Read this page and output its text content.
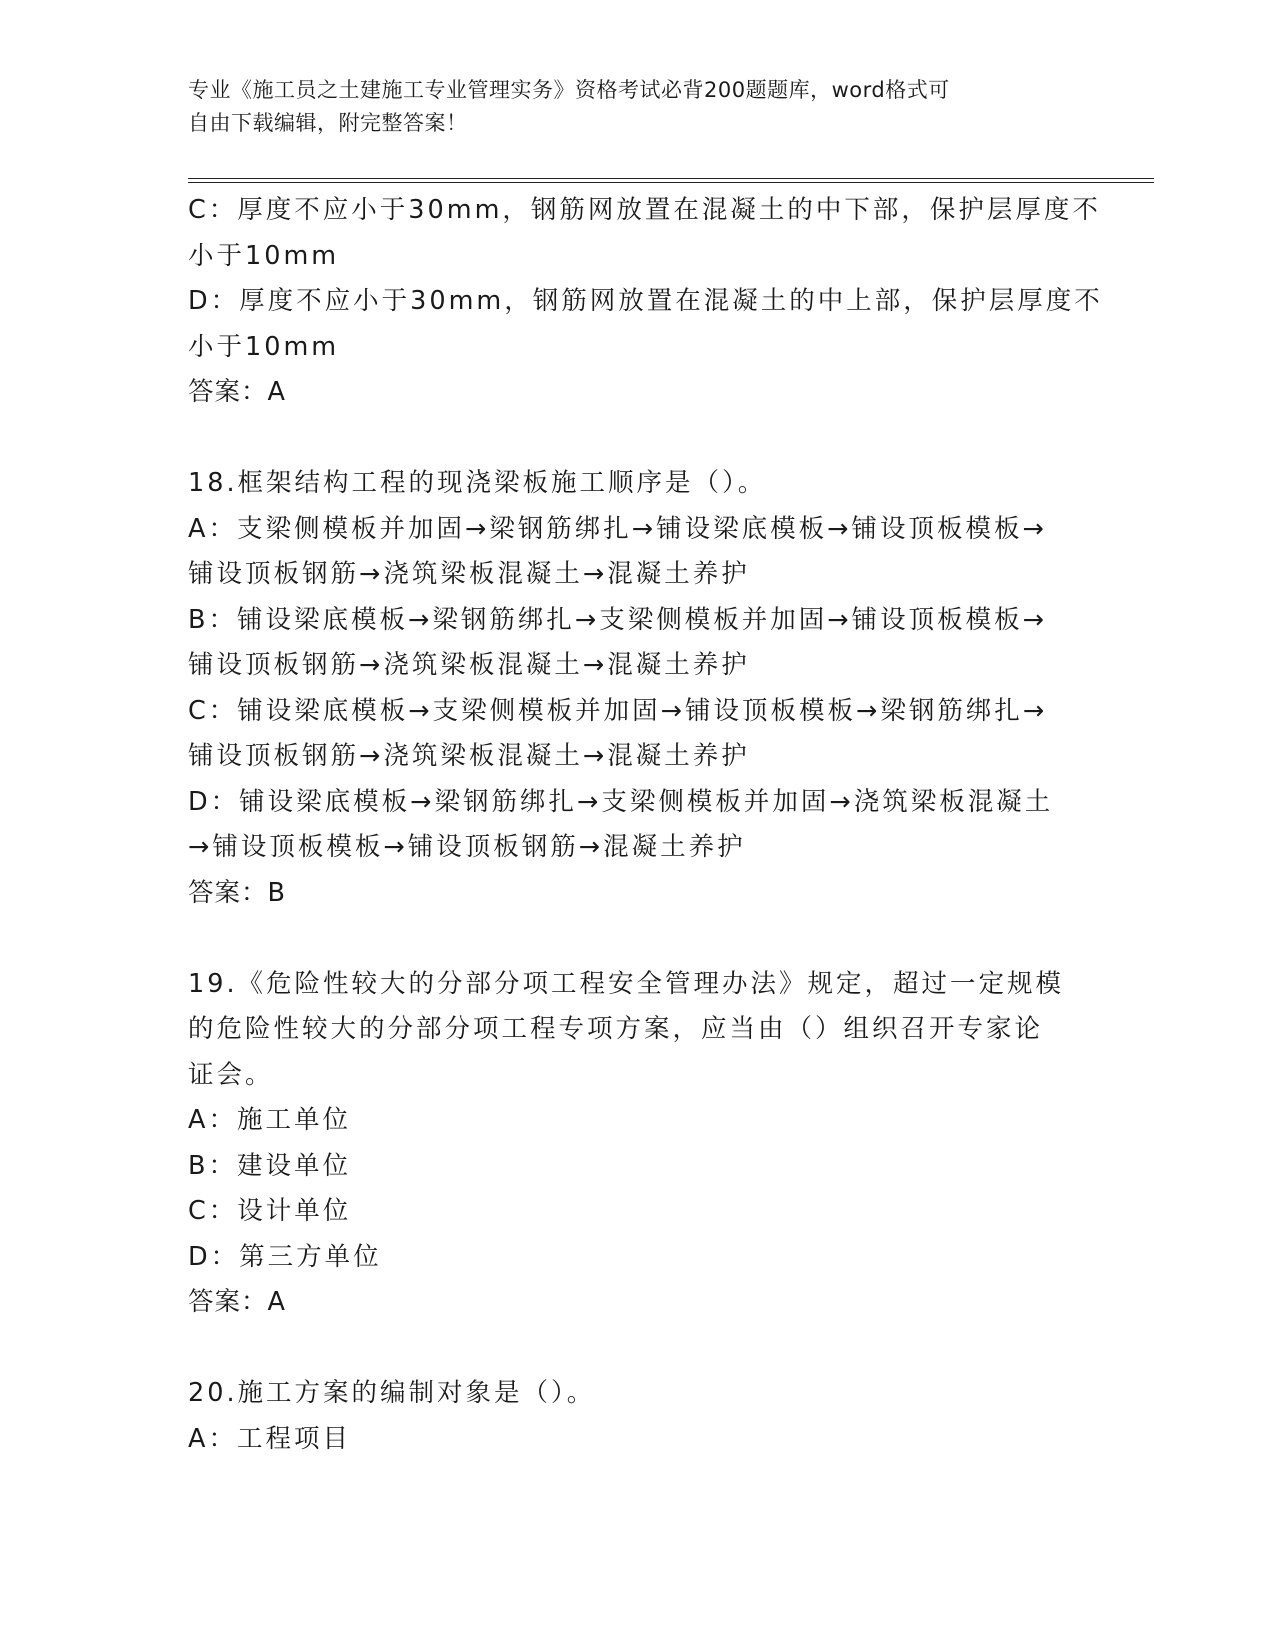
专业《施工员之土建施工专业管理实务》资格考试必背200题题库，word格式可
自由下载编辑，附完整答案！
C：厚度不应小于30mm，钢筋网放置在混凝土的中下部，保护层厚度不
小于10mm
D：厚度不应小于30mm，钢筋网放置在混凝土的中上部，保护层厚度不
小于10mm
答案：A
18.框架结构工程的现浇梁板施工顺序是（）。
A：支梁侧模板并加固→梁钢筋绑扎→铺设梁底模板→铺设顶板模板→
铺设顶板钢筋→浇筑梁板混凝土→混凝土养护
B：铺设梁底模板→梁钢筋绑扎→支梁侧模板并加固→铺设顶板模板→
铺设顶板钢筋→浇筑梁板混凝土→混凝土养护
C：铺设梁底模板→支梁侧模板并加固→铺设顶板模板→梁钢筋绑扎→
铺设顶板钢筋→浇筑梁板混凝土→混凝土养护
D：铺设梁底模板→梁钢筋绑扎→支梁侧模板并加固→浇筑梁板混凝土
→铺设顶板模板→铺设顶板钢筋→混凝土养护
答案：B
19.《危险性较大的分部分项工程安全管理办法》规定，超过一定规模
的危险性较大的分部分项工程专项方案，应当由（）组织召开专家论
证会。
A：施工单位
B：建设单位
C：设计单位
D：第三方单位
答案：A
20.施工方案的编制对象是（）。
A：工程项目
